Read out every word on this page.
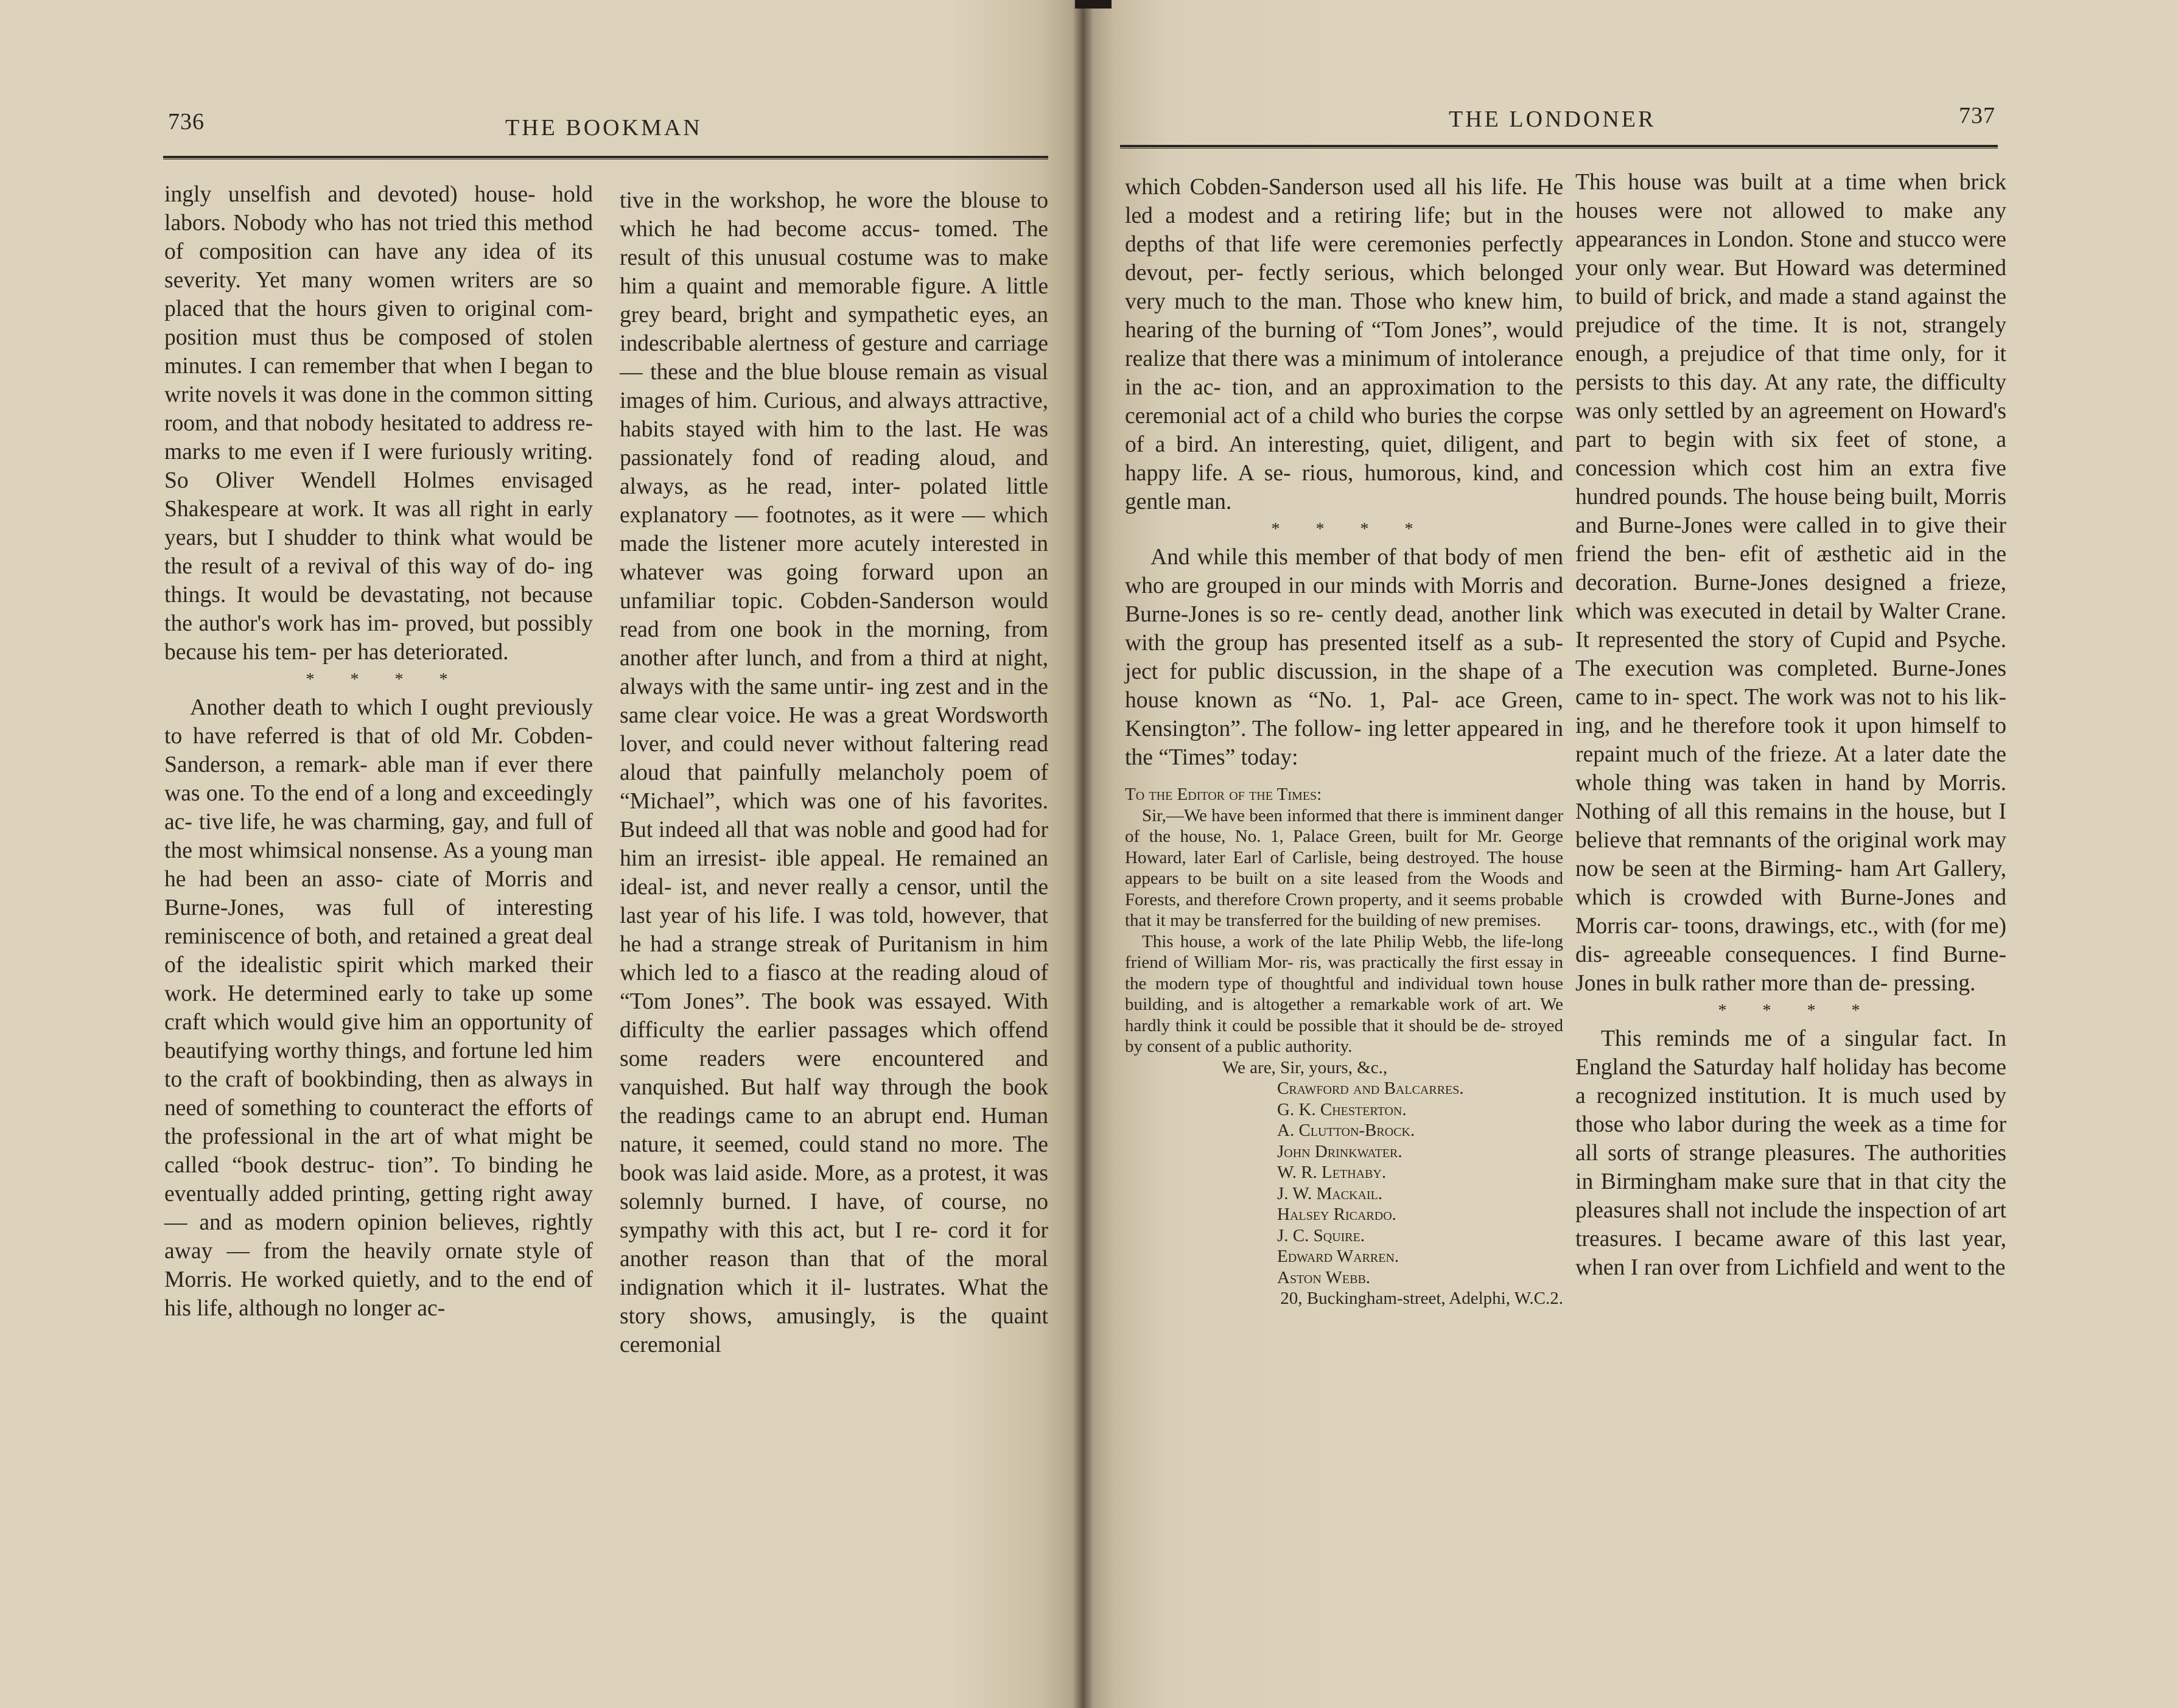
736	THE BOOKMAN

ingly unselfish and devoted) house- hold labors. Nobody who has not tried this method of composition can have any idea of its severity. Yet many women writers are so placed that the hours given to original com- position must thus be composed of stolen minutes. I can remember that when I began to write novels it was done in the common sitting room, and that nobody hesitated to address re- marks to me even if I were furiously writing. So Oliver Wendell Holmes envisaged Shakespeare at work. It was all right in early years, but I shudder to think what would be the result of a revival of this way of do- ing things. It would be devastating, not because the author's work has im- proved, but possibly because his tem- per has deteriorated.

* * * *

Another death to which I ought previously to have referred is that of old Mr. Cobden-Sanderson, a remark- able man if ever there was one. To the end of a long and exceedingly ac- tive life, he was charming, gay, and full of the most whimsical nonsense. As a young man he had been an asso- ciate of Morris and Burne-Jones, was full of interesting reminiscence of both, and retained a great deal of the idealistic spirit which marked their work. He determined early to take up some craft which would give him an opportunity of beautifying worthy things, and fortune led him to the craft of bookbinding, then as always in need of something to counteract the efforts of the professional in the art of what might be called “book destruc- tion”. To binding he eventually added printing, getting right away — and as modern opinion believes, rightly away — from the heavily ornate style of Morris. He worked quietly, and to the end of his life, although no longer ac-

tive in the workshop, he wore the blouse to which he had become accus- tomed. The result of this unusual costume was to make him a quaint and memorable figure. A little grey beard, bright and sympathetic eyes, an indescribable alertness of gesture and carriage — these and the blue blouse remain as visual images of him. Curious, and always attractive, habits stayed with him to the last. He was passionately fond of reading aloud, and always, as he read, inter- polated little explanatory — footnotes, as it were — which made the listener more acutely interested in whatever was going forward upon an unfamiliar topic. Cobden-Sanderson would read from one book in the morning, from another after lunch, and from a third at night, always with the same untir- ing zest and in the same clear voice. He was a great Wordsworth lover, and could never without faltering read aloud that painfully melancholy poem of “Michael”, which was one of his favorites. But indeed all that was noble and good had for him an irresist- ible appeal. He remained an ideal- ist, and never really a censor, until the last year of his life. I was told, however, that he had a strange streak of Puritanism in him which led to a fiasco at the reading aloud of “Tom Jones”. The book was essayed. With difficulty the earlier passages which offend some readers were encountered and vanquished. But half way through the book the readings came to an abrupt end. Human nature, it seemed, could stand no more. The book was laid aside. More, as a protest, it was solemnly burned. I have, of course, no sympathy with this act, but I re- cord it for another reason than that of the moral indignation which it il- lustrates. What the story shows, amusingly, is the quaint ceremonial

THE LONDONER	737

which Cobden-Sanderson used all his life. He led a modest and a retiring life; but in the depths of that life were ceremonies perfectly devout, per- fectly serious, which belonged very much to the man. Those who knew him, hearing of the burning of “Tom Jones”, would realize that there was a minimum of intolerance in the ac- tion, and an approximation to the ceremonial act of a child who buries the corpse of a bird. An interesting, quiet, diligent, and happy life. A se- rious, humorous, kind, and gentle man.

* * * *

And while this member of that body of men who are grouped in our minds with Morris and Burne-Jones is so re- cently dead, another link with the group has presented itself as a sub- ject for public discussion, in the shape of a house known as “No. 1, Pal- ace Green, Kensington”. The follow- ing letter appeared in the “Times” today:

To the Editor of the Times:

Sir,—We have been informed that there is imminent danger of the house, No. 1, Palace Green, built for Mr. George Howard, later Earl of Carlisle, being destroyed. The house appears to be built on a site leased from the Woods and Forests, and therefore Crown property, and it seems probable that it may be transferred for the building of new premises.

This house, a work of the late Philip Webb, the life-long friend of William Mor- ris, was practically the first essay in the modern type of thoughtful and individual town house building, and is altogether a remarkable work of art. We hardly think it could be possible that it should be de- stroyed by consent of a public authority.

We are, Sir, yours, &c.,
Crawford and Balcarres.
G. K. Chesterton.
A. Clutton-Brock.
John Drinkwater.
W. R. Lethaby.
J. W. Mackail.
Halsey Ricardo.
J. C. Squire.
Edward Warren.
Aston Webb.
20, Buckingham-street, Adelphi, W.C.2.

This house was built at a time when brick houses were not allowed to make any appearances in London. Stone and stucco were your only wear. But Howard was determined to build of brick, and made a stand against the prejudice of the time. It is not, strangely enough, a prejudice of that time only, for it persists to this day. At any rate, the difficulty was only settled by an agreement on Howard's part to begin with six feet of stone, a concession which cost him an extra five hundred pounds. The house being built, Morris and Burne-Jones were called in to give their friend the ben- efit of æsthetic aid in the decoration. Burne-Jones designed a frieze, which was executed in detail by Walter Crane. It represented the story of Cupid and Psyche. The execution was completed. Burne-Jones came to in- spect. The work was not to his lik- ing, and he therefore took it upon himself to repaint much of the frieze. At a later date the whole thing was taken in hand by Morris. Nothing of all this remains in the house, but I believe that remnants of the original work may now be seen at the Birming- ham Art Gallery, which is crowded with Burne-Jones and Morris car- toons, drawings, etc., with (for me) dis- agreeable consequences. I find Burne- Jones in bulk rather more than de- pressing.

* * * *

This reminds me of a singular fact. In England the Saturday half holiday has become a recognized institution. It is much used by those who labor during the week as a time for all sorts of strange pleasures. The authorities in Birmingham make sure that in that city the pleasures shall not include the inspection of art treasures. I became aware of this last year, when I ran over from Lichfield and went to the
